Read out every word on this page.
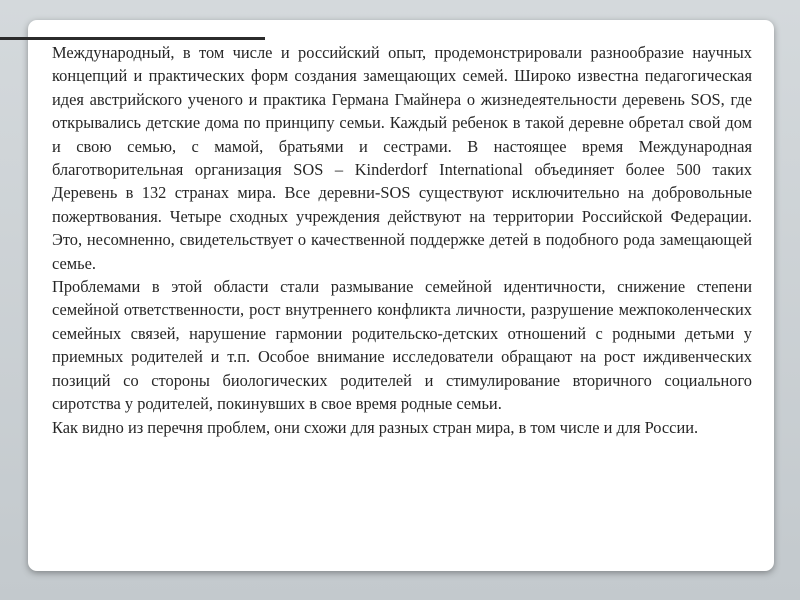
Международный, в том числе и российский опыт, продемонстрировали разнообразие научных концепций и практических форм создания замещающих семей. Широко известна педагогическая идея австрийского ученого и практика Германа Гмайнера о жизнедеятельности деревень SOS, где открывались детские дома по принципу семьи. Каждый ребенок в такой деревне обретал свой дом и свою семью, с мамой, братьями и сестрами. В настоящее время Международная благотворительная организация SOS – Kinderdorf International объединяет более 500 таких Деревень в 132 странах мира. Все деревни-SOS существуют исключительно на добровольные пожертвования. Четыре сходных учреждения действуют на территории Российской Федерации. Это, несомненно, свидетельствует о качественной поддержке детей в подобного рода замещающей семье.

Проблемами в этой области стали размывание семейной идентичности, снижение степени семейной ответственности, рост внутреннего конфликта личности, разрушение межпоколенческих семейных связей, нарушение гармонии родительско-детских отношений с родными детьми у приемных родителей и т.п. Особое внимание исследователи обращают на рост иждивенческих позиций со стороны биологических родителей и стимулирование вторичного социального сиротства у родителей, покинувших в свое время родные семьи.

Как видно из перечня проблем, они схожи для разных стран мира, в том числе и для России.
